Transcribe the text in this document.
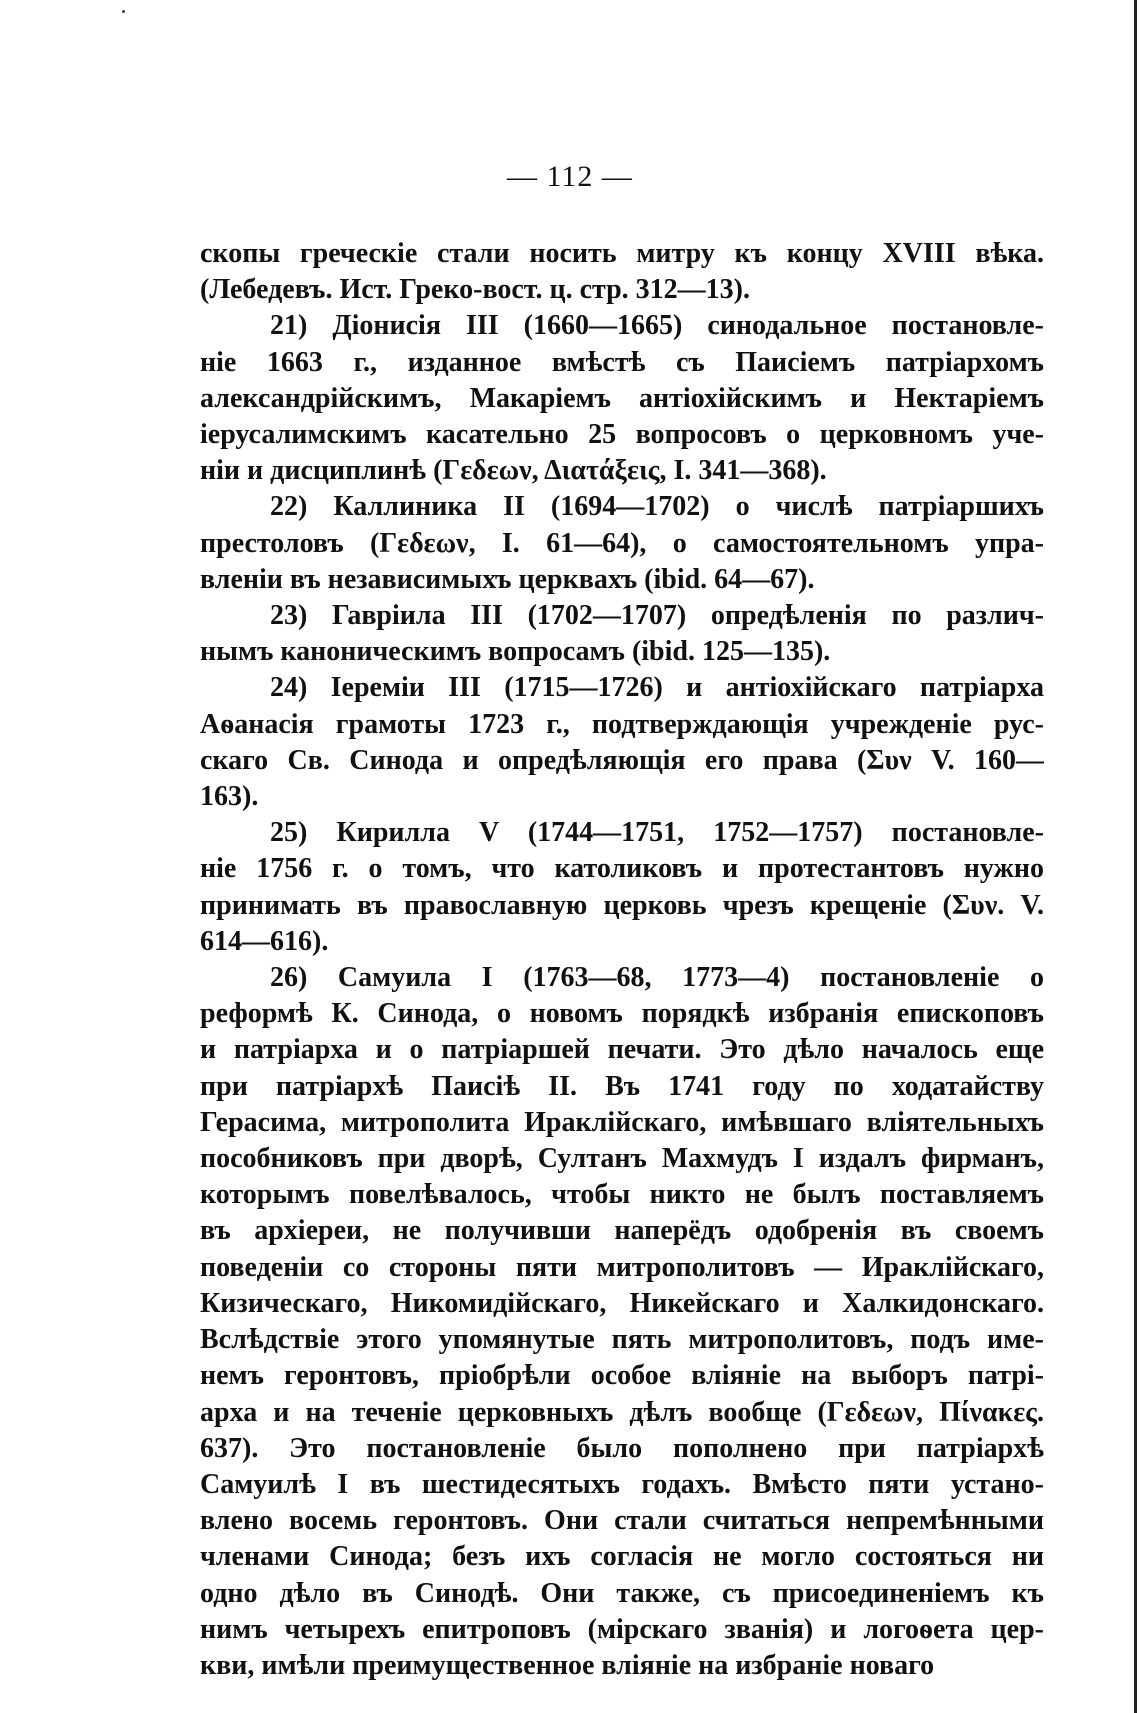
— 112 —

скопы греческіе стали носить митру къ концу XVIII вѣка.
(Лебедевъ. Ист. Греко-вост. ц. стр. 312—13).

21) Діонисія III (1660—1665) синодальное постановле-
ніе 1663 г., изданное вмѣстѣ съ Паисіемъ патріархомъ
александрійскимъ, Макаріемъ антіохійскимъ и Нектаріемъ
іерусалимскимъ касательно 25 вопросовъ о церковномъ уче-
ніи и дисциплинѣ (Γεδεων, Διατάξεις, I. 341—368).

22) Каллиника II (1694—1702) о числѣ патріаршихъ
престоловъ (Γεδεων, I. 61—64), о самостоятельномъ упра-
вленіи въ независимыхъ церквахъ (ibid. 64—67).

23) Гавріила III (1702—1707) опредѣленія по различ-
нымъ каноническимъ вопросамъ (ibid. 125—135).

24) Іереміи III (1715—1726) и антіохійскаго патріарха
Аѳанасія грамоты 1723 г., подтверждающія учрежденіе рус-
скаго Св. Синода и опредѣляющія его права (Συν V. 160—
163).

25) Кирилла V (1744—1751, 1752—1757) постановле-
ніе 1756 г. о томъ, что католиковъ и протестантовъ нужно
принимать въ православную церковь чрезъ крещеніе (Συν. V.
614—616).

26) Самуила I (1763—68, 1773—4) постановленіе о
реформѣ К. Синода, о новомъ порядкѣ избранія епископовъ
и патріарха и о патріаршей печати. Это дѣло началось еще
при патріархѣ Паисіѣ II. Въ 1741 году по ходатайству
Герасима, митрополита Ираклійскаго, имѣвшаго вліятельныхъ
пособниковъ при дворѣ, Султанъ Махмудъ I издалъ фирманъ,
которымъ повелѣвалось, чтобы никто не былъ поставляемъ
въ архіереи, не получивши наперёдъ одобренія въ своемъ
поведеніи со стороны пяти митрополитовъ — Ираклійскаго,
Кизическаго, Никомидійскаго, Никейскаго и Халкидонскаго.
Вслѣдствіе этого упомянутые пять митрополитовъ, подъ име-
немъ геронтовъ, пріобрѣли особое вліяніе на выборъ патрі-
арха и на теченіе церковныхъ дѣлъ вообще (Γεδεων, Πίνακες.
637). Это постановленіе было пополнено при патріархѣ
Самуилѣ I въ шестидесятыхъ годахъ. Вмѣсто пяти устано-
влено восемь геронтовъ. Они стали считаться непремѣнными
членами Синода; безъ ихъ согласія не могло состояться ни
одно дѣло въ Синодѣ. Они также, съ присоединеніемъ къ
нимъ четырехъ епитроповъ (мірскаго званія) и логоѳета цер-
кви, имѣли преимущественное вліяніе на избраніе новаго
